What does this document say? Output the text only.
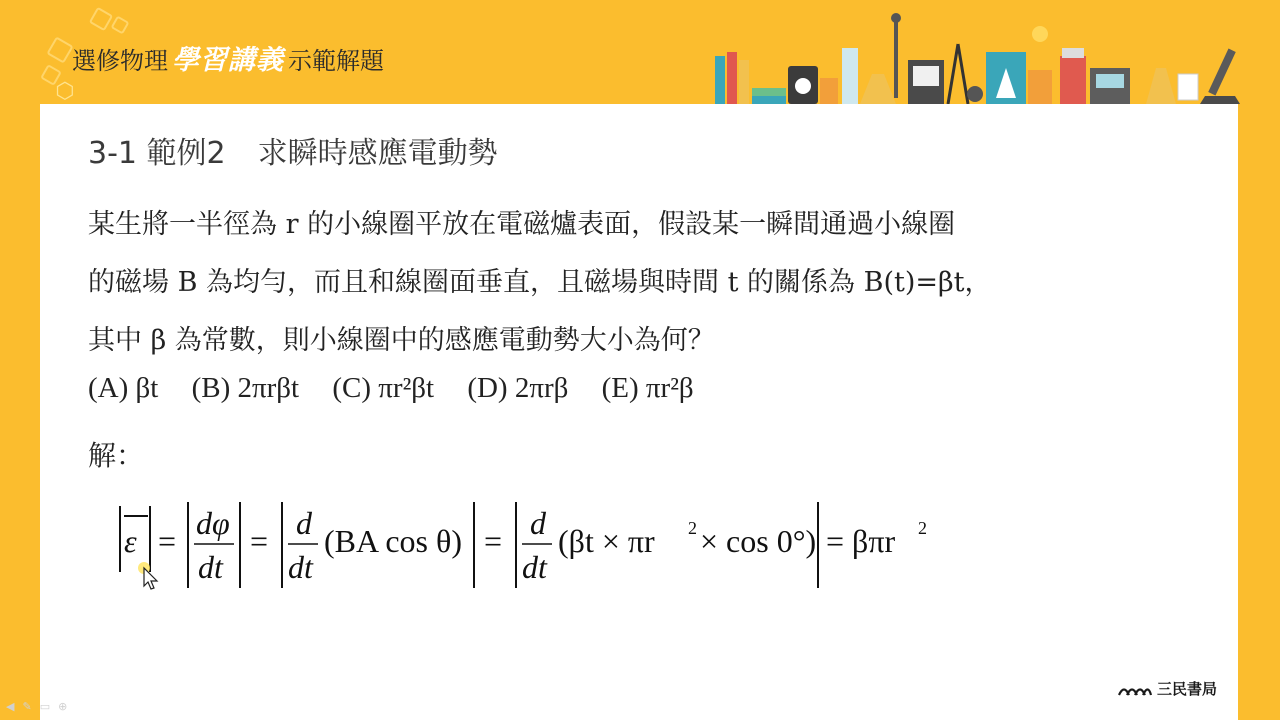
⬡
選修物理 學習講義 示範解題
3-1 範例2 求瞬時感應電動勢
某生將一半徑為 r 的小線圈平放在電磁爐表面，假設某一瞬間通過小線圈
的磁場 B 為均勻，而且和線圈面垂直，且磁場與時間 t 的關係為 B(t)=βt，
其中 β 為常數，則小線圈中的感應電動勢大小為何？
(A) βt (B) 2πrβt (C) πr²βt (D) 2πrβ (E) πr²β
解：
ε = dφ
dt
= d
dt
(BA cos θ) = d
dt
(βt × πr 2 × cos 0°) = βπr 2
三民書局
◀ ✎ ▭ ⊕
